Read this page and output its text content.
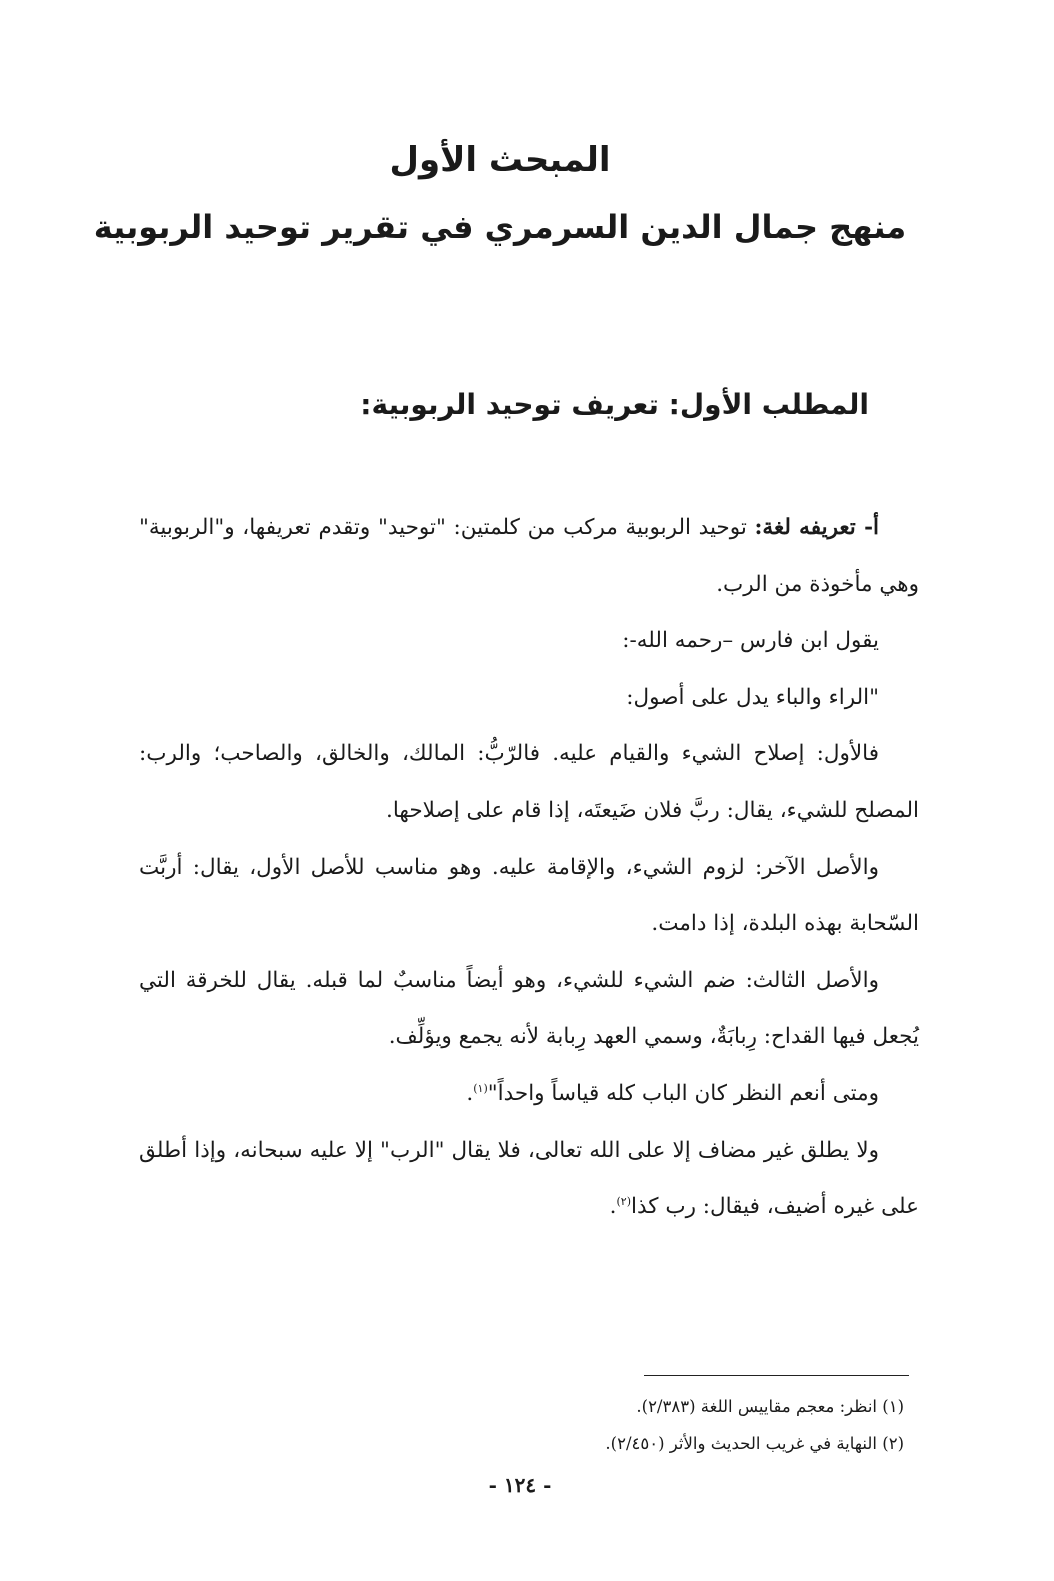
المبحث الأول
منهج جمال الدين السرمري في تقرير توحيد الربوبية
المطلب الأول: تعريف توحيد الربوبية:

أ- تعريفه لغة: توحيد الربوبية مركب من كلمتين: "توحيد" وتقدم تعريفها، و"الربوبية" وهي مأخوذة من الرب.

يقول ابن فارس –رحمه الله-:

"الراء والباء يدل على أصول:

فالأول: إصلاح الشيء والقيام عليه. فالرّبُّ: المالك، والخالق، والصاحب؛ والرب: المصلح للشيء، يقال: ربَّ فلان ضَيعتَه، إذا قام على إصلاحها.

والأصل الآخر: لزوم الشيء، والإقامة عليه. وهو مناسب للأصل الأول، يقال: أربَّت السّحابة بهذه البلدة، إذا دامت.

والأصل الثالث: ضم الشيء للشيء، وهو أيضاً مناسبٌ لما قبله. يقال للخرقة التي يُجعل فيها القداح: رِبابَةٌ، وسمي العهد رِبابة لأنه يجمع ويؤلِّف.

ومتى أنعم النظر كان الباب كله قياساً واحداً"$^{(١)}$.

ولا يطلق غير مضاف إلا على الله تعالى، فلا يقال "الرب" إلا عليه سبحانه، وإذا أطلق على غيره أضيف، فيقال: رب كذا$^{(٢)}$.

(١) انظر: معجم مقاييس اللغة (٢/٣٨٣).

(٢) النهاية في غريب الحديث والأثر (٢/٤٥٠).

- ١٢٤ -
